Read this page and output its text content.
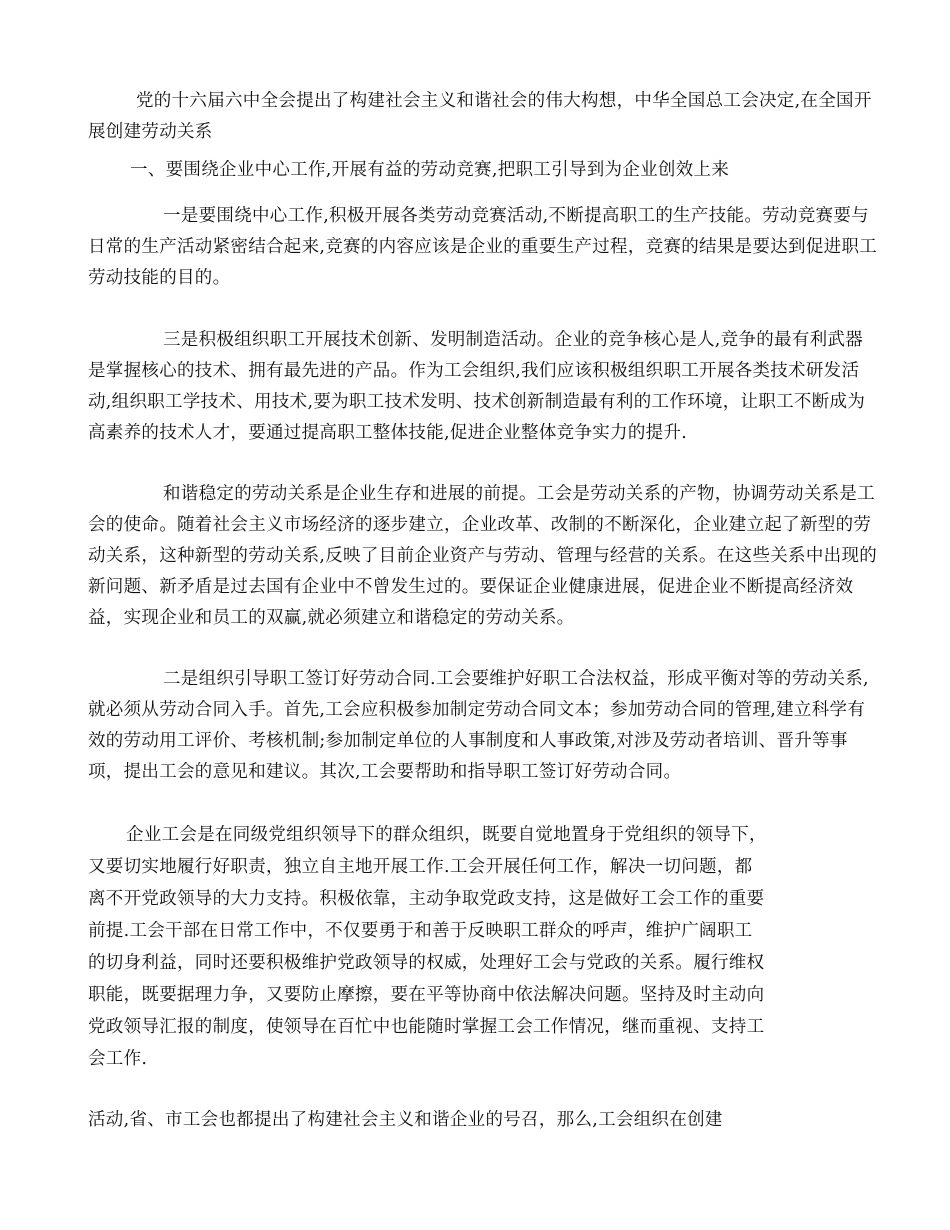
党的十六届六中全会提出了构建社会主义和谐社会的伟大构想，中华全国总工会决定,在全国开展创建劳动关系

一、要围绕企业中心工作,开展有益的劳动竞赛,把职工引导到为企业创效上来

一是要围绕中心工作,积极开展各类劳动竞赛活动,不断提高职工的生产技能。劳动竞赛要与日常的生产活动紧密结合起来,竞赛的内容应该是企业的重要生产过程，竞赛的结果是要达到促进职工劳动技能的目的。

三是积极组织职工开展技术创新、发明制造活动。企业的竞争核心是人,竞争的最有利武器是掌握核心的技术、拥有最先进的产品。作为工会组织,我们应该积极组织职工开展各类技术研发活动,组织职工学技术、用技术,要为职工技术发明、技术创新制造最有利的工作环境，让职工不断成为高素养的技术人才，要通过提高职工整体技能,促进企业整体竞争实力的提升.

和谐稳定的劳动关系是企业生存和进展的前提。工会是劳动关系的产物，协调劳动关系是工会的使命。随着社会主义市场经济的逐步建立，企业改革、改制的不断深化，企业建立起了新型的劳动关系，这种新型的劳动关系,反映了目前企业资产与劳动、管理与经营的关系。在这些关系中出现的新问题、新矛盾是过去国有企业中不曾发生过的。要保证企业健康进展，促进企业不断提高经济效益，实现企业和员工的双赢,就必须建立和谐稳定的劳动关系。

二是组织引导职工签订好劳动合同.工会要维护好职工合法权益，形成平衡对等的劳动关系,就必须从劳动合同入手。首先,工会应积极参加制定劳动合同文本；参加劳动合同的管理,建立科学有效的劳动用工评价、考核机制;参加制定单位的人事制度和人事政策,对涉及劳动者培训、晋升等事项，提出工会的意见和建议。其次,工会要帮助和指导职工签订好劳动合同。

企业工会是在同级党组织领导下的群众组织，既要自觉地置身于党组织的领导下，又要切实地履行好职责，独立自主地开展工作.工会开展任何工作，解决一切问题，都离不开党政领导的大力支持。积极依靠，主动争取党政支持，这是做好工会工作的重要前提.工会干部在日常工作中，不仅要勇于和善于反映职工群众的呼声，维护广阔职工的切身利益，同时还要积极维护党政领导的权威，处理好工会与党政的关系。履行维权职能，既要据理力争，又要防止摩擦，要在平等协商中依法解决问题。坚持及时主动向党政领导汇报的制度，使领导在百忙中也能随时掌握工会工作情况，继而重视、支持工会工作.

活动,省、市工会也都提出了构建社会主义和谐企业的号召，那么,工会组织在创建
